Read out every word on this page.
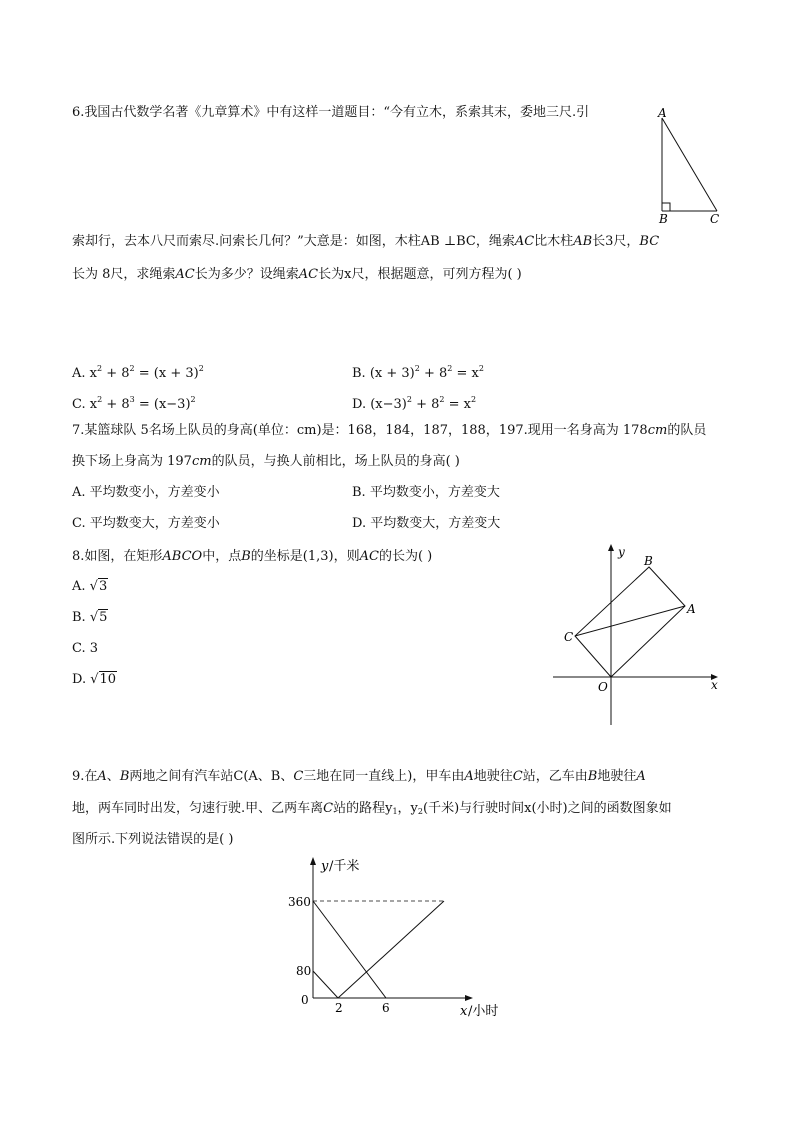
6.我国古代数学名著《九章算术》中有这样一道题目：“今有立木，系索其末，委地三尺.引	A
B	C
索却行，去本八尺而索尽.问索长几何？”大意是：如图，木柱AB ⊥BC，绳索AC比木柱AB长3尺，BC
长为 8尺，求绳索AC长为多少？设绳索AC长为x尺，根据题意，可列方程为( )
A. $x^2 + 8^2 = (x + 3)^2$	B. $(x + 3)^2 + 8^2 = x^2$
C. $x^2 + 8^3 = (x-3)^2$	D. $(x-3)^2 + 8^2 = x^2$
7.某篮球队 5名场上队员的身高(单位：cm)是：168，184，187，188，197.现用一名身高为 178cm的队员
换下场上身高为 197cm的队员，与换人前相比，场上队员的身高( )
A. 平均数变小，方差变小	B. 平均数变小，方差变大
C. 平均数变大，方差变小	D. 平均数变大，方差变大
8.如图，在矩形ABCO中，点B的坐标是(1,3)，则AC的长为( )
A. √3
B. √5
C. 3
D. √10
y
x
B
A
C
O
9.在A、B两地之间有汽车站C(A、B、C三地在同一直线上)，甲车由A地驶往C站，乙车由B地驶往A
地，两车同时出发，匀速行驶.甲、乙两车离C站的路程$y_1$，$y_2$(千米)与行驶时间x(小时)之间的函数图象如
图所示.下列说法错误的是( )
y /千米
360
80
0
2	6	x /小时
